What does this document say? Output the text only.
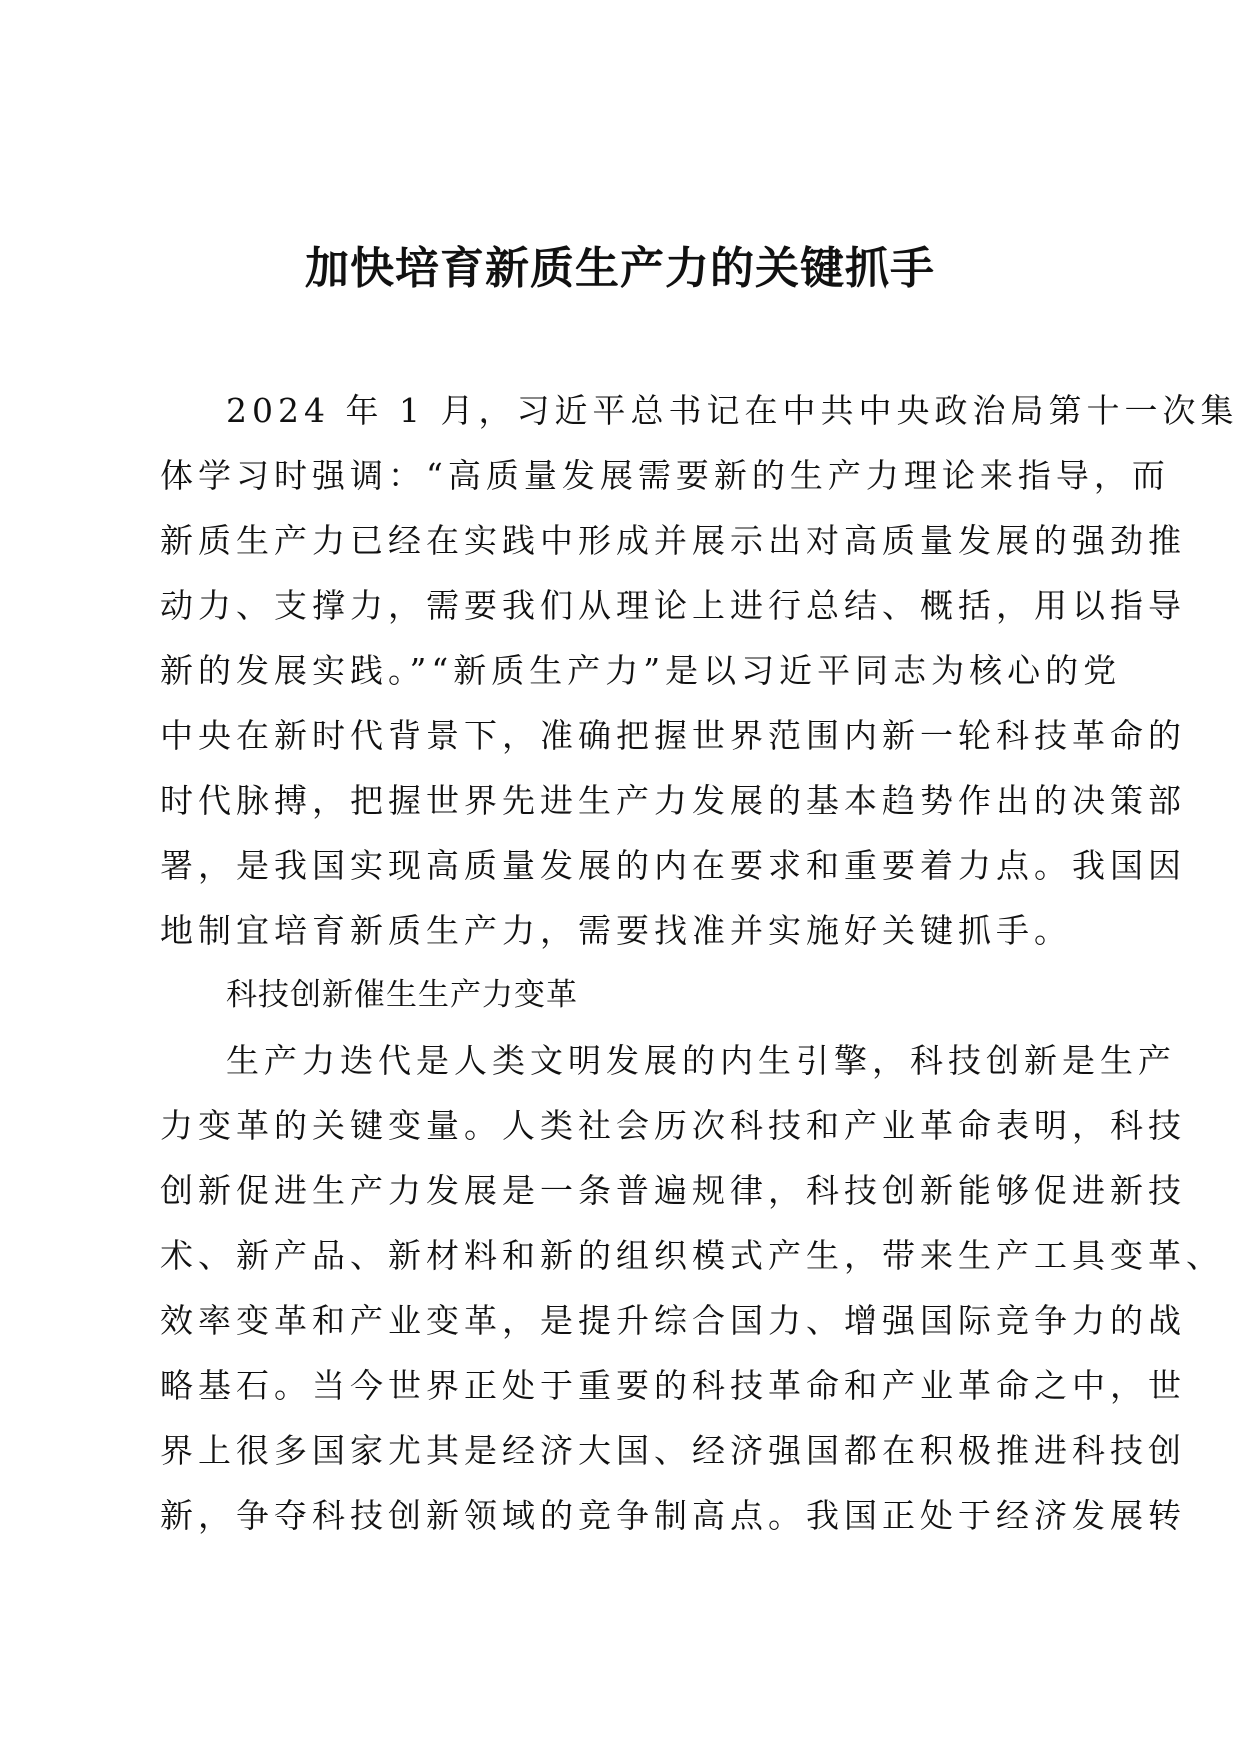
加快培育新质生产力的关键抓手
2024 年 1 月，习近平总书记在中共中央政治局第十一次集
体学习时强调：“高质量发展需要新的生产力理论来指导，而
新质生产力已经在实践中形成并展示出对高质量发展的强劲推
动力、支撑力，需要我们从理论上进行总结、概括，用以指导
新的发展实践。”“新质生产力”是以习近平同志为核心的党
中央在新时代背景下，准确把握世界范围内新一轮科技革命的
时代脉搏，把握世界先进生产力发展的基本趋势作出的决策部
署，是我国实现高质量发展的内在要求和重要着力点。我国因
地制宜培育新质生产力，需要找准并实施好关键抓手。
科技创新催生生产力变革
生产力迭代是人类文明发展的内生引擎，科技创新是生产
力变革的关键变量。人类社会历次科技和产业革命表明，科技
创新促进生产力发展是一条普遍规律，科技创新能够促进新技
术、新产品、新材料和新的组织模式产生，带来生产工具变革、
效率变革和产业变革，是提升综合国力、增强国际竞争力的战
略基石。当今世界正处于重要的科技革命和产业革命之中，世
界上很多国家尤其是经济大国、经济强国都在积极推进科技创
新，争夺科技创新领域的竞争制高点。我国正处于经济发展转
